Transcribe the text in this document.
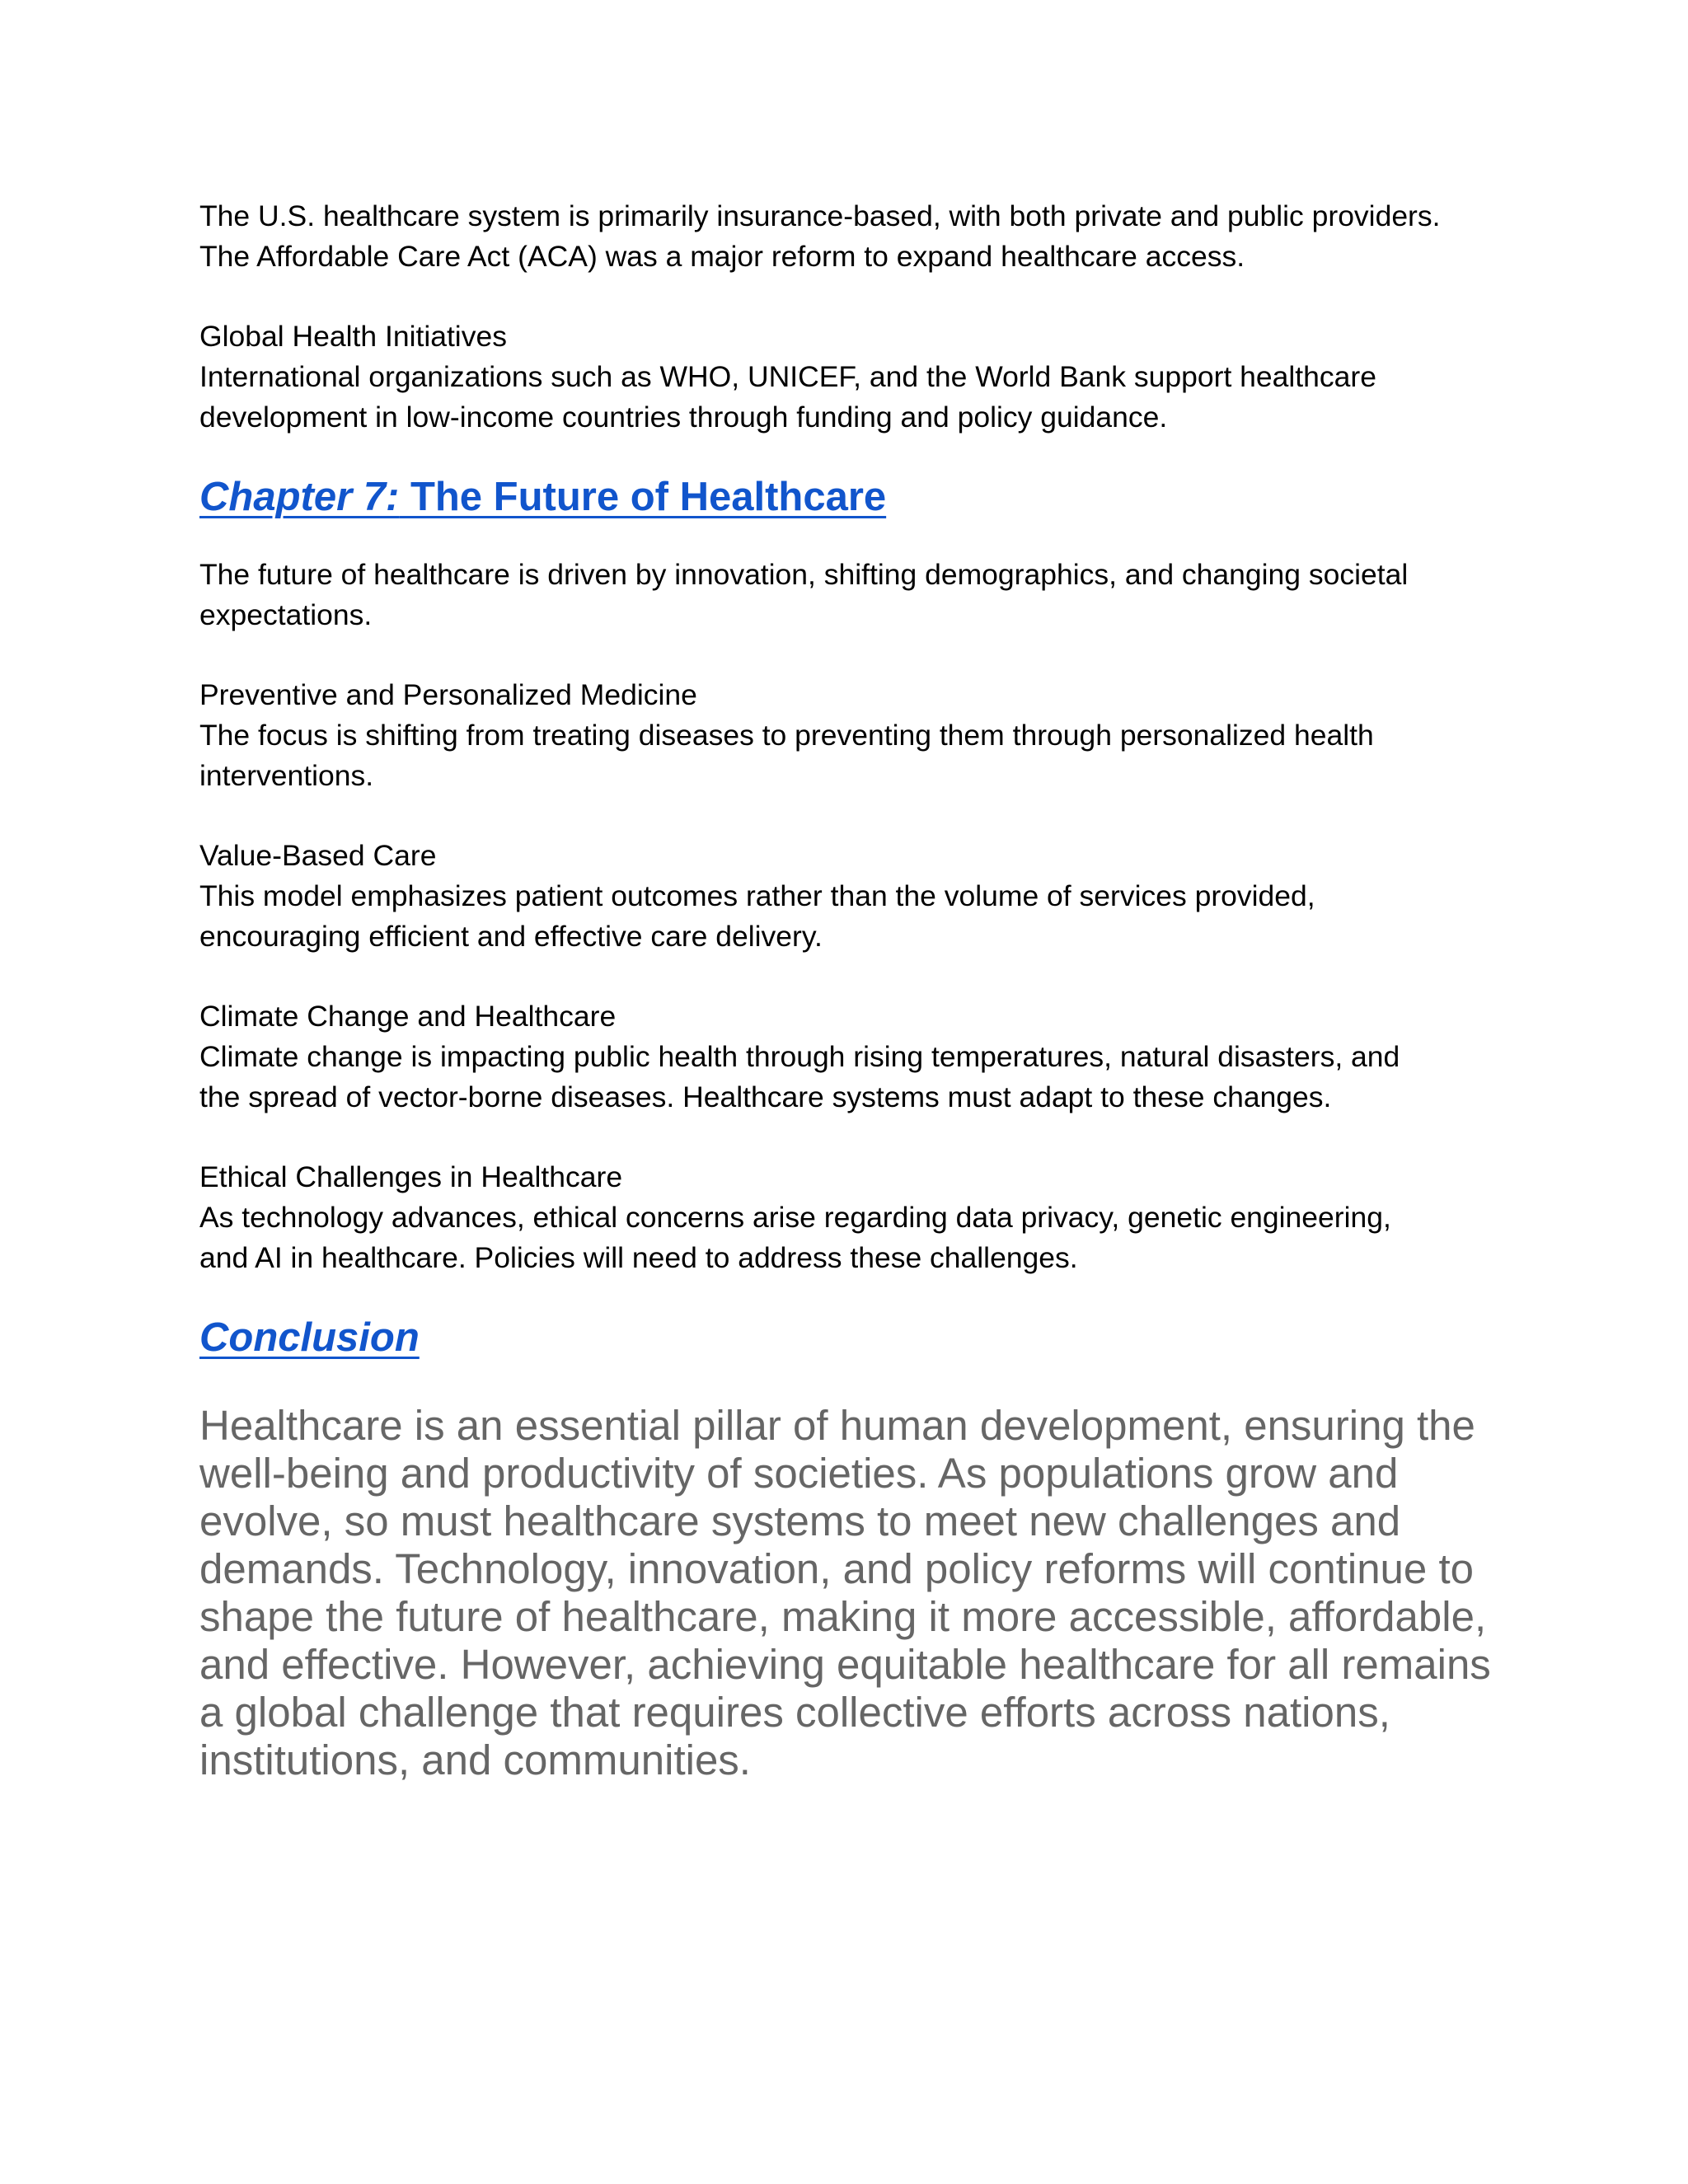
The U.S. healthcare system is primarily insurance-based, with both private and public providers.
The Affordable Care Act (ACA) was a major reform to expand healthcare access.

Global Health Initiatives
International organizations such as WHO, UNICEF, and the World Bank support healthcare
development in low-income countries through funding and policy guidance.

Chapter 7: The Future of Healthcare

The future of healthcare is driven by innovation, shifting demographics, and changing societal
expectations.

Preventive and Personalized Medicine
The focus is shifting from treating diseases to preventing them through personalized health
interventions.

Value-Based Care
This model emphasizes patient outcomes rather than the volume of services provided,
encouraging efficient and effective care delivery.

Climate Change and Healthcare
Climate change is impacting public health through rising temperatures, natural disasters, and
the spread of vector-borne diseases. Healthcare systems must adapt to these changes.

Ethical Challenges in Healthcare
As technology advances, ethical concerns arise regarding data privacy, genetic engineering,
and AI in healthcare. Policies will need to address these challenges.

Conclusion

Healthcare is an essential pillar of human development, ensuring the
well-being and productivity of societies. As populations grow and
evolve, so must healthcare systems to meet new challenges and
demands. Technology, innovation, and policy reforms will continue to
shape the future of healthcare, making it more accessible, affordable,
and effective. However, achieving equitable healthcare for all remains
a global challenge that requires collective efforts across nations,
institutions, and communities.
